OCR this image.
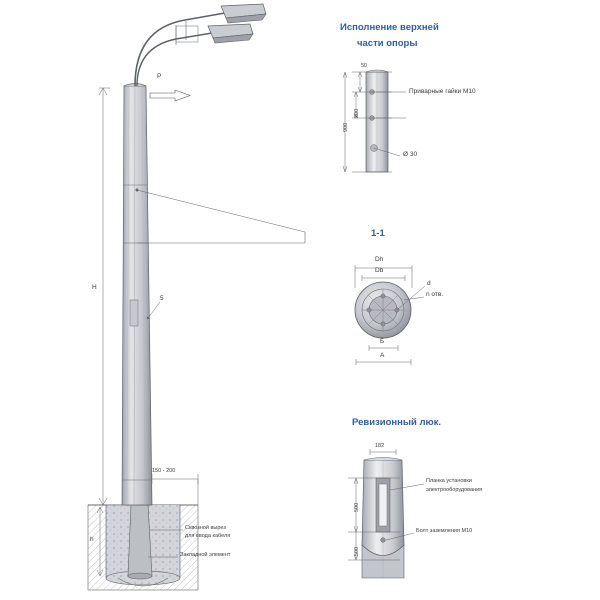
Исполнение верхней
части опоры
1-1
Ревизионный люк.
P
H
h
5
150 - 200
Сквозной вырез
для ввода кабеля
Закладной элемент
50
200
900
Приварные гайки М10
Ø 30
Dh
Db
d
n отв.
Б
А
182
500
500
Планка установки
электрооборудования
Болт заземления М10
